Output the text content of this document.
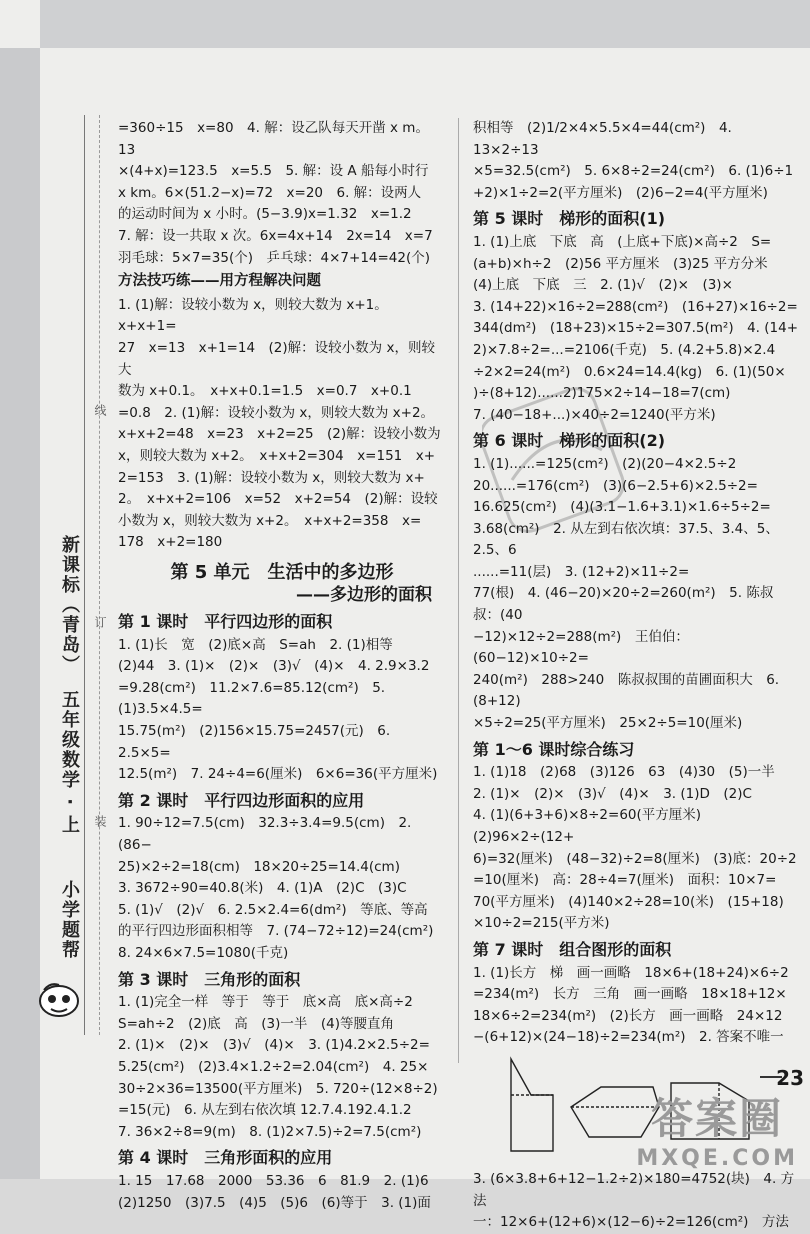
新课标（青岛）
五年级数学 · 上
小学题帮
线
订
装

=360÷15　x=80　4. 解：设乙队每天开凿 x m。13

×(4+x)=123.5　x=5.5　5. 解：设 A 船每小时行

x km。6×(51.2−x)=72　x=20　6. 解：设两人

的运动时间为 x 小时。(5−3.9)x=1.32　x=1.2

7. 解：设一共取 x 次。6x=4x+14　2x=14　x=7

羽毛球：5×7=35(个)　乒乓球：4×7+14=42(个)

方法技巧练——用方程解决问题

1. (1)解：设较小数为 x，则较大数为 x+1。x+x+1=

27　x=13　x+1=14　(2)解：设较小数为 x，则较大

数为 x+0.1。　x+x+0.1=1.5　x=0.7　x+0.1

=0.8　2. (1)解：设较小数为 x，则较大数为 x+2。

x+x+2=48　x=23　x+2=25　(2)解：设较小数为

x，则较大数为 x+2。　x+x+2=304　x=151　x+

2=153　3. (1)解：设较小数为 x，则较大数为 x+

2。　x+x+2=106　x=52　x+2=54　(2)解：设较

小数为 x，则较大数为 x+2。　x+x+2=358　x=

178　x+2=180

第 5 单元　生活中的多边形
——多边形的面积
第 1 课时　平行四边形的面积

1. (1)长　宽　(2)底×高　S=ah　2. (1)相等

(2)44　3. (1)×　(2)×　(3)√　(4)×　4. 2.9×3.2

=9.28(cm²)　11.2×7.6=85.12(cm²)　5. (1)3.5×4.5=

15.75(m²)　(2)156×15.75=2457(元)　6. 2.5×5=

12.5(m²)　7. 24÷4=6(厘米)　6×6=36(平方厘米)

第 2 课时　平行四边形面积的应用

1. 90÷12=7.5(cm)　32.3÷3.4=9.5(cm)　2. (86−

25)×2÷2=18(cm)　18×20÷25=14.4(cm)

3. 3672÷90=40.8(米)　4. (1)A　(2)C　(3)C

5. (1)√　(2)√　6. 2.5×2.4=6(dm²)　等底、等高

的平行四边形面积相等　7. (74−72÷12)=24(cm²)

8. 24×6×7.5=1080(千克)

第 3 课时　三角形的面积

1. (1)完全一样　等于　等于　底×高　底×高÷2

S=ah÷2　(2)底　高　(3)一半　(4)等腰直角

2. (1)×　(2)×　(3)√　(4)×　3. (1)4.2×2.5÷2=

5.25(cm²)　(2)3.4×1.2÷2=2.04(cm²)　4. 25×

30÷2×36=13500(平方厘米)　5. 720÷(12×8÷2)

=15(元)　6. 从左到右依次填 12.7.4.192.4.1.2

7. 36×2÷8=9(m)　8. (1)2×7.5)÷2=7.5(cm²)

第 4 课时　三角形面积的应用

1. 15　17.68　2000　53.36　6　81.9　2. (1)6

(2)1250　(3)7.5　(4)5　(5)6　(6)等于　3. (1)面

积相等　(2)1/2×4×5.5×4=44(cm²)　4. 13×2÷13

×5=32.5(cm²)　5. 6×8÷2=24(cm²)　6. (1)6÷1

+2)×1÷2=2(平方厘米)　(2)6−2=4(平方厘米)

第 5 课时　梯形的面积(1)

1. (1)上底　下底　高　(上底+下底)×高÷2　S=

(a+b)×h÷2　(2)56 平方厘米　(3)25 平方分米

(4)上底　下底　三　2. (1)√　(2)×　(3)×

3. (14+22)×16÷2=288(cm²)　(16+27)×16÷2=

344(dm²)　(18+23)×15÷2=307.5(m²)　4. (14+

2)×7.8÷2=...=2106(千克)　5. (4.2+5.8)×2.4

÷2×2=24(m²)　0.6×24=14.4(kg)　6. (1)(50×

)÷(8+12)......2)175×2÷14−18=7(cm)

7. (40−18+...)×40÷2=1240(平方米)

第 6 课时　梯形的面积(2)

1. (1)......=125(cm²)　(2)(20−4×2.5÷2

20......=176(cm²)　(3)(6−2.5+6)×2.5÷2=

16.625(cm²)　(4)(3.1−1.6+3.1)×1.6÷5÷2=

3.68(cm²)　2. 从左到右依次填：37.5、3.4、5、2.5、6

......=11(层)　3. (12+2)×11÷2=

77(根)　4. (46−20)×20÷2=260(m²)　5. 陈叔叔：(40

−12)×12÷2=288(m²)　王伯伯：(60−12)×10÷2=

240(m²)　288>240　陈叔叔围的苗圃面积大　6. (8+12)

×5÷2=25(平方厘米)　25×2÷5=10(厘米)

第 1～6 课时综合练习

1. (1)18　(2)68　(3)126　63　(4)30　(5)一半

2. (1)×　(2)×　(3)√　(4)×　3. (1)D　(2)C

4. (1)(6+3+6)×8÷2=60(平方厘米)　(2)96×2÷(12+

6)=32(厘米)　(48−32)÷2=8(厘米)　(3)底：20÷2

=10(厘米)　高：28÷4=7(厘米)　面积：10×7=

70(平方厘米)　(4)140×2÷28=10(米)　(15+18)

×10÷2=215(平方米)

第 7 课时　组合图形的面积

1. (1)长方　梯　画一画略　18×6+(18+24)×6÷2

=234(m²)　长方　三角　画一画略　18×18+12×

18×6÷2=234(m²)　(2)长方　画一画略　24×12

−(6+12)×(24−18)÷2=234(m²)　2. 答案不唯一

3. (6×3.8+6+12−1.2÷2)×180=4752(块)　4. 方法

一：12×6+(12+6)×(12−6)÷2=126(cm²)　方法

23
答案圈
MXQE.COM
